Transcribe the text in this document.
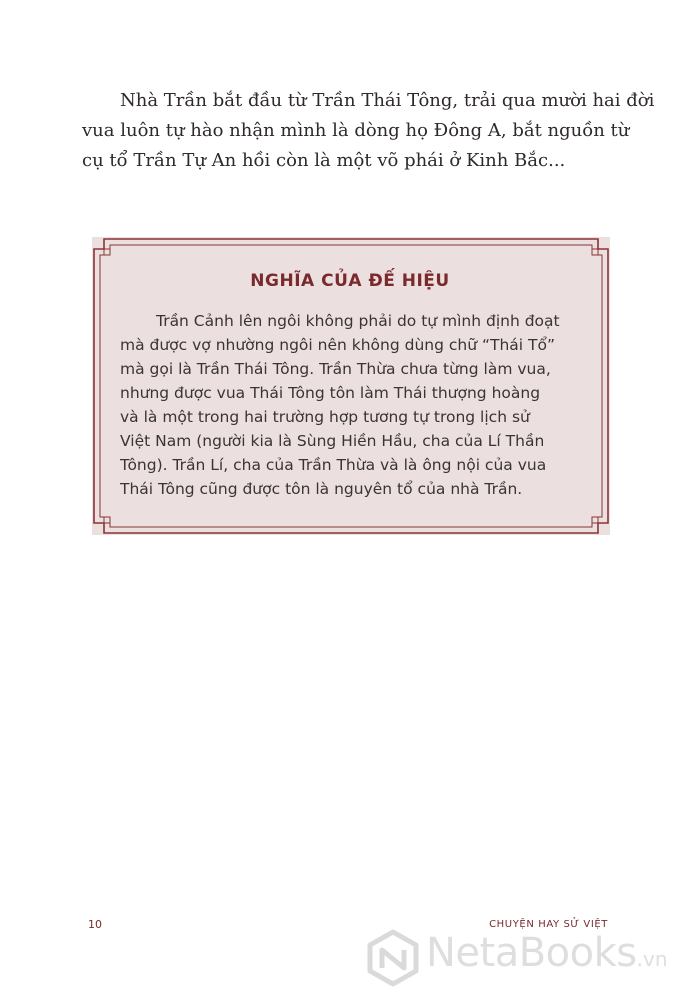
Nhà Trần bắt đầu từ Trần Thái Tông, trải qua mười hai đời
vua luôn tự hào nhận mình là dòng họ Đông A, bắt nguồn từ
cụ tổ Trần Tự An hồi còn là một võ phái ở Kinh Bắc...
NGHĨA CỦA ĐẾ HIỆU
Trần Cảnh lên ngôi không phải do tự mình định đoạt
mà được vợ nhường ngôi nên không dùng chữ “Thái Tổ”
mà gọi là Trần Thái Tông. Trần Thừa chưa từng làm vua,
nhưng được vua Thái Tông tôn làm Thái thượng hoàng
và là một trong hai trường hợp tương tự trong lịch sử
Việt Nam (người kia là Sùng Hiền Hầu, cha của Lí Thần
Tông). Trần Lí, cha của Trần Thừa và là ông nội của vua
Thái Tông cũng được tôn là nguyên tổ của nhà Trần.
10	CHUYỆN HAY SỬ VIỆT
NetaBooks.vn
